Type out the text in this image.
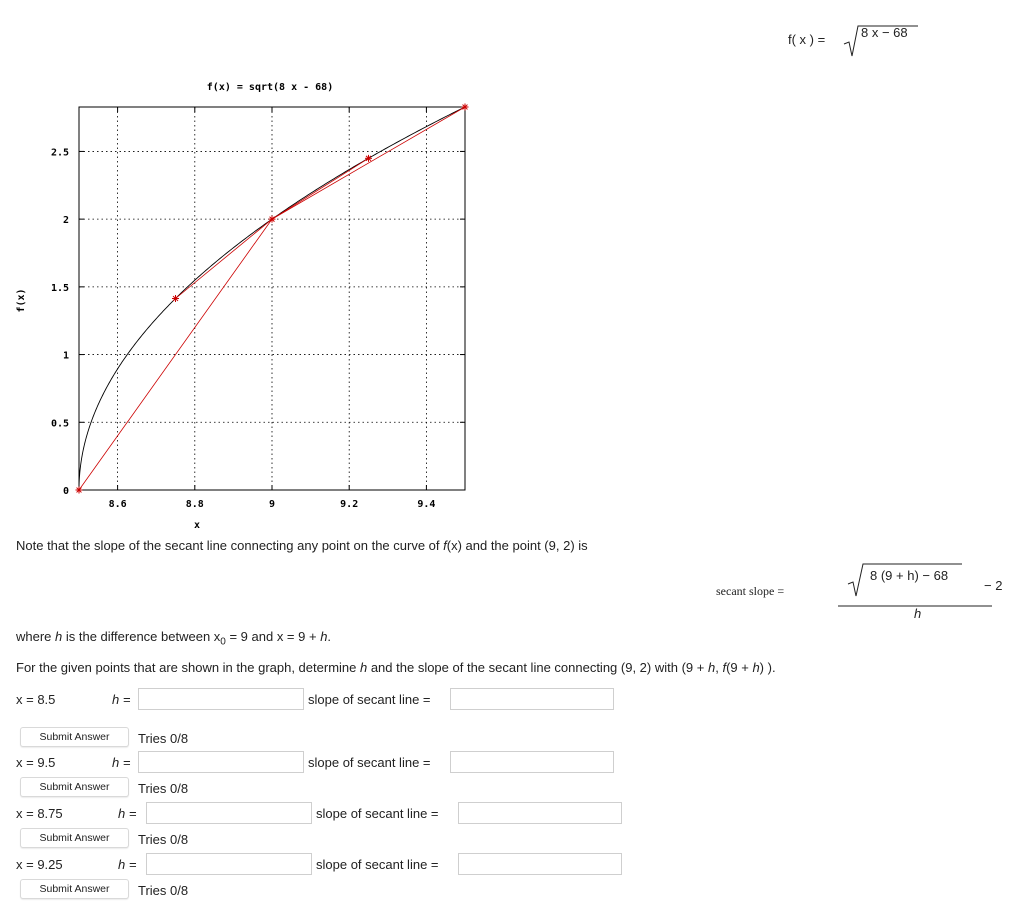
f( x ) =	8 x − 68
f(x) = sqrt(8 x - 68)
8.6	8.8	9	9.2	9.4
0
0.5
1
1.5
2
2.5
x
f(x)
Note that the slope of the secant line connecting any point on the curve of f(x) and the point (9, 2) is
secant slope =
8 (9 + h) − 68
− 2
h
where h is the difference between $x_0 = 9$ and x = 9 + h.
For the given points that are shown in the graph, determine h and the slope of the secant line connecting (9, 2) with (9 + h, f(9 + h) ).
x = 8.5	h =	slope of secant line =
Submit Answer	Tries 0/8
x = 9.5	h =	slope of secant line =
Submit Answer	Tries 0/8
x = 8.75	h =	slope of secant line =
Submit Answer	Tries 0/8
x = 9.25	h =	slope of secant line =
Submit Answer	Tries 0/8
